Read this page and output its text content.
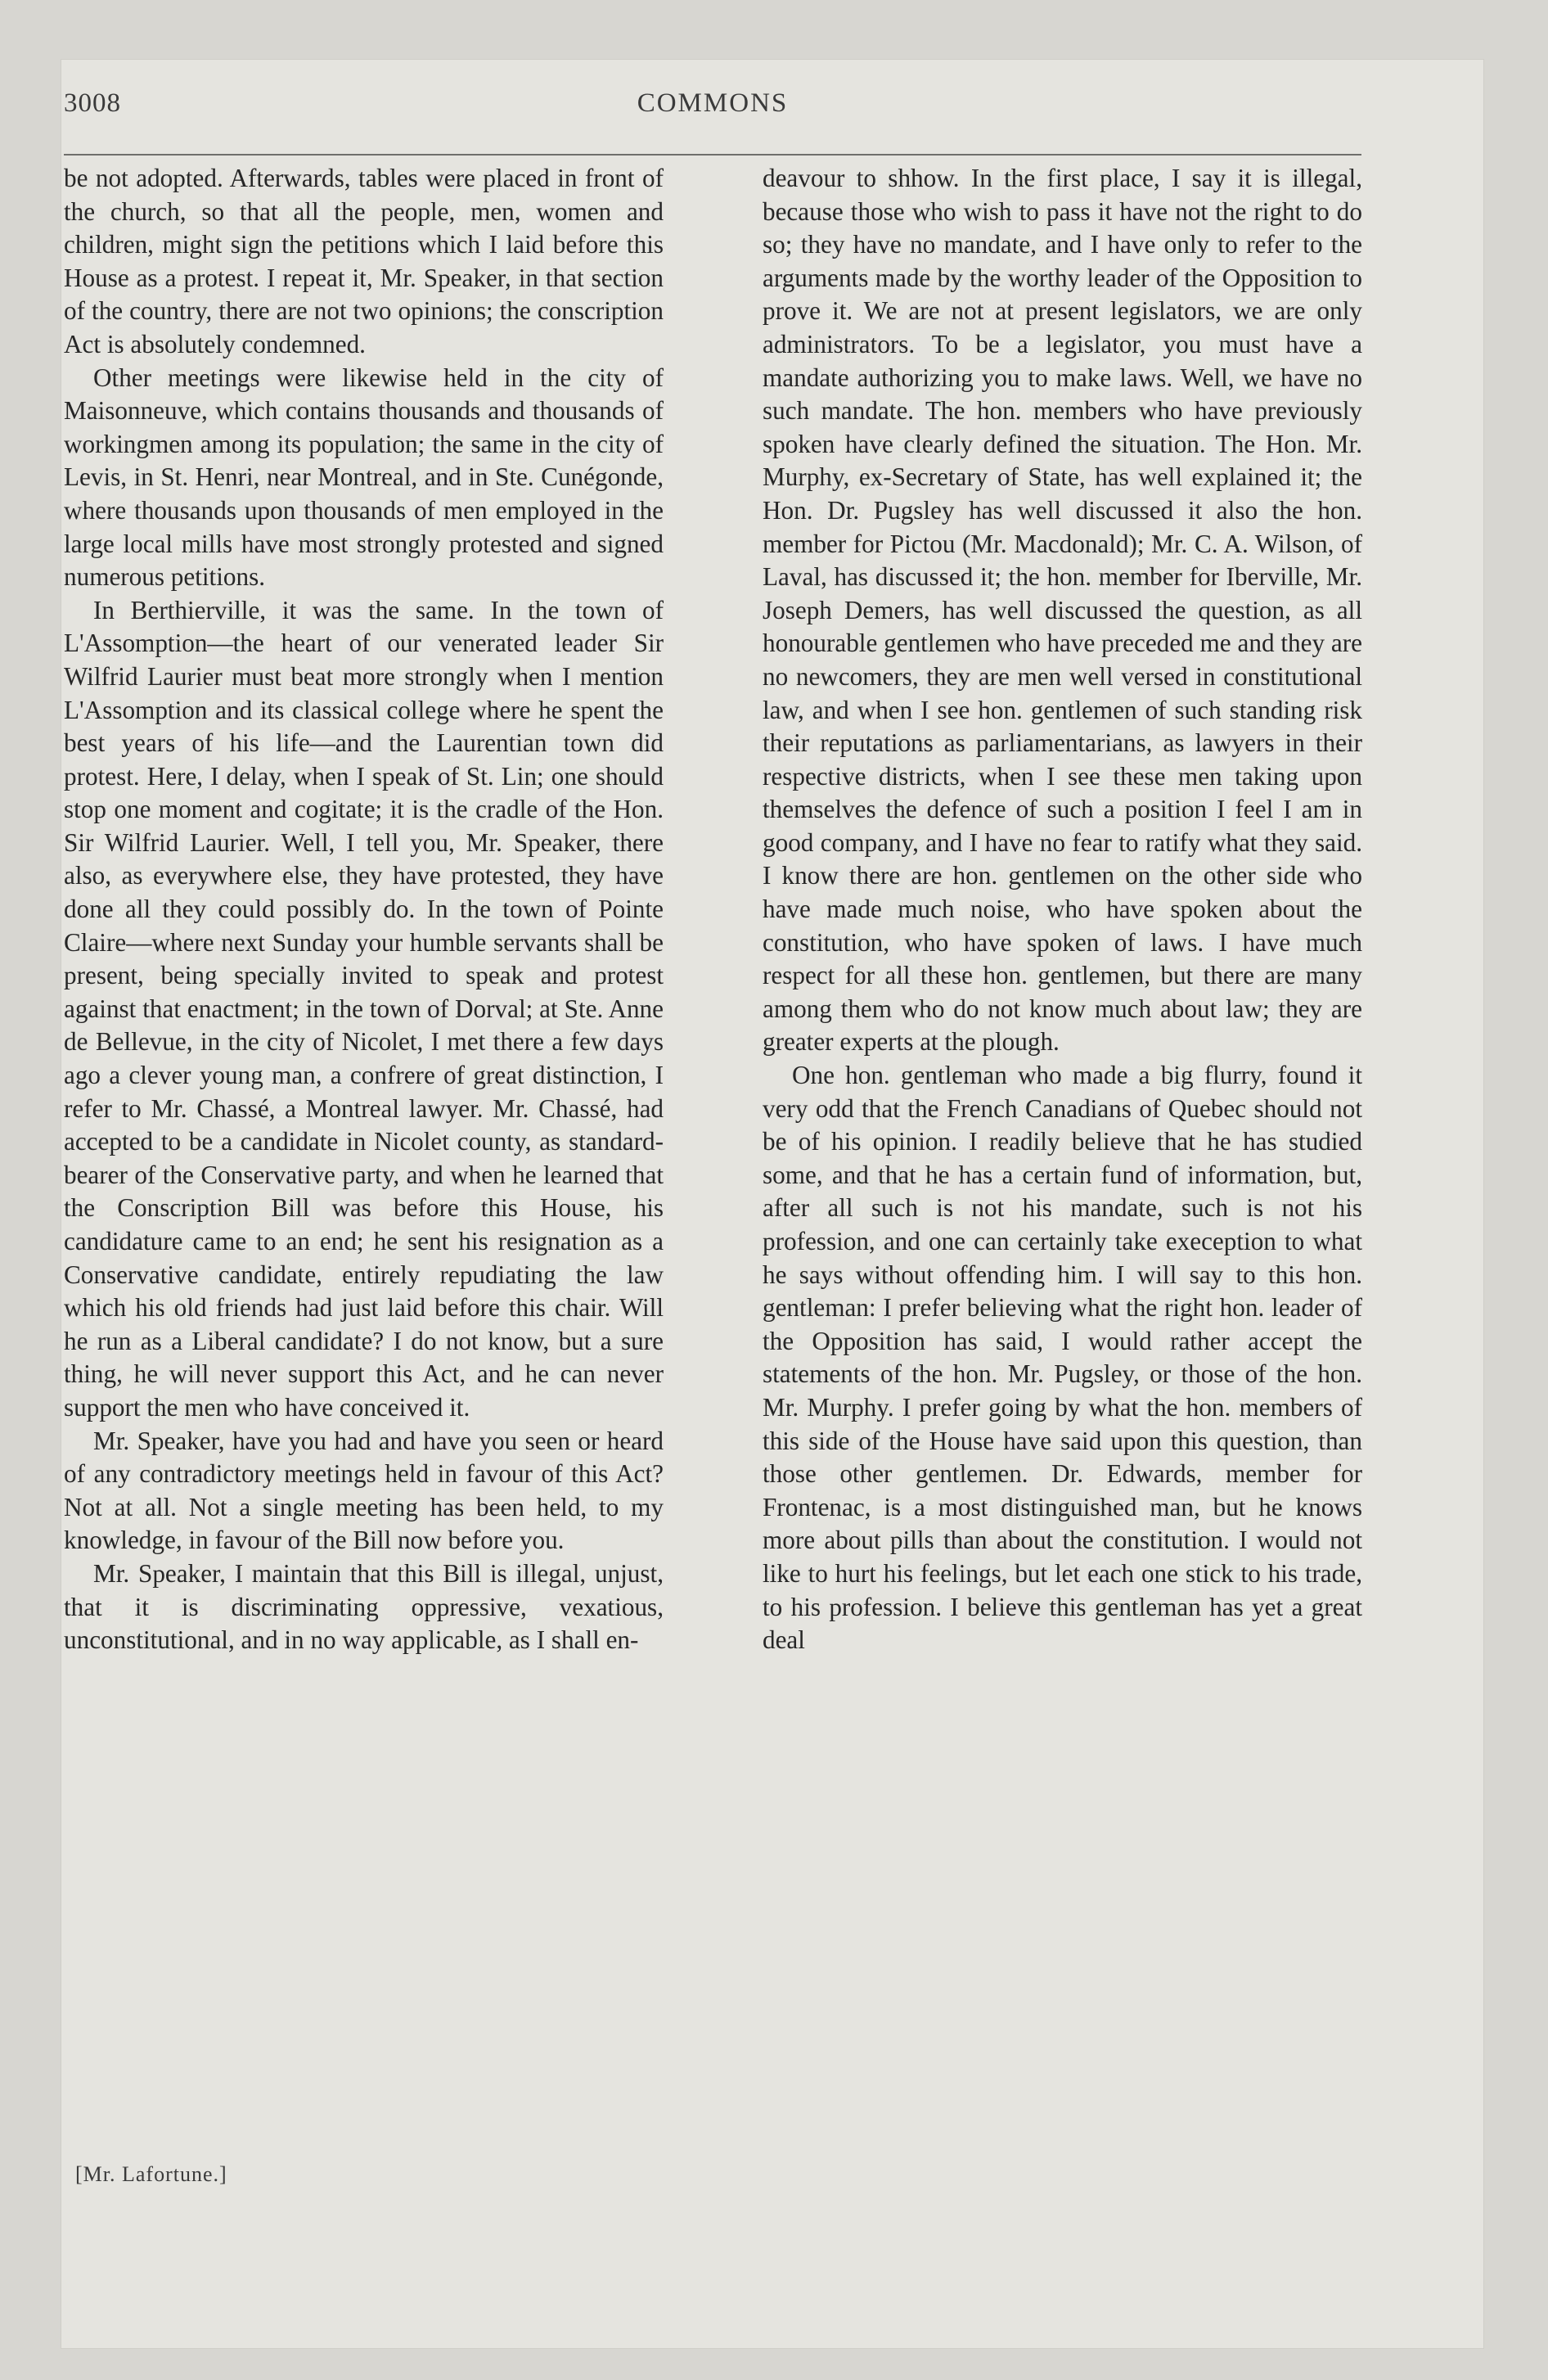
3008	COMMONS

be not adopted. Afterwards, tables were placed in front of the church, so that all the people, men, women and children, might sign the petitions which I laid before this House as a protest. I repeat it, Mr. Speaker, in that section of the country, there are not two opinions; the conscription Act is absolutely condemned.

Other meetings were likewise held in the city of Maisonneuve, which contains thousands and thousands of workingmen among its population; the same in the city of Levis, in St. Henri, near Montreal, and in Ste. Cunégonde, where thousands upon thousands of men employed in the large local mills have most strongly protested and signed numerous petitions.

In Berthierville, it was the same. In the town of L'Assomption—the heart of our venerated leader Sir Wilfrid Laurier must beat more strongly when I mention L'Assomption and its classical college where he spent the best years of his life—and the Laurentian town did protest. Here, I delay, when I speak of St. Lin; one should stop one moment and cogitate; it is the cradle of the Hon. Sir Wilfrid Laurier. Well, I tell you, Mr. Speaker, there also, as everywhere else, they have protested, they have done all they could possibly do. In the town of Pointe Claire—where next Sunday your humble servants shall be present, being specially invited to speak and protest against that enactment; in the town of Dorval; at Ste. Anne de Bellevue, in the city of Nicolet, I met there a few days ago a clever young man, a confrere of great distinction, I refer to Mr. Chassé, a Montreal lawyer. Mr. Chassé, had accepted to be a candidate in Nicolet county, as standard-bearer of the Conservative party, and when he learned that the Conscription Bill was before this House, his candidature came to an end; he sent his resignation as a Conservative candidate, entirely repudiating the law which his old friends had just laid before this chair. Will he run as a Liberal candidate? I do not know, but a sure thing, he will never support this Act, and he can never support the men who have conceived it.

Mr. Speaker, have you had and have you seen or heard of any contradictory meetings held in favour of this Act? Not at all. Not a single meeting has been held, to my knowledge, in favour of the Bill now before you.

Mr. Speaker, I maintain that this Bill is illegal, unjust, that it is discriminating oppressive, vexatious, unconstitutional, and in no way applicable, as I shall en-

deavour to shhow. In the first place, I say it is illegal, because those who wish to pass it have not the right to do so; they have no mandate, and I have only to refer to the arguments made by the worthy leader of the Opposition to prove it. We are not at present legislators, we are only administrators. To be a legislator, you must have a mandate authorizing you to make laws. Well, we have no such mandate. The hon. members who have previously spoken have clearly defined the situation. The Hon. Mr. Murphy, ex-Secretary of State, has well explained it; the Hon. Dr. Pugsley has well discussed it also the hon. member for Pictou (Mr. Macdonald); Mr. C. A. Wilson, of Laval, has discussed it; the hon. member for Iberville, Mr. Joseph Demers, has well discussed the question, as all honourable gentlemen who have preceded me and they are no newcomers, they are men well versed in constitutional law, and when I see hon. gentlemen of such standing risk their reputations as parliamentarians, as lawyers in their respective districts, when I see these men taking upon themselves the defence of such a position I feel I am in good company, and I have no fear to ratify what they said. I know there are hon. gentlemen on the other side who have made much noise, who have spoken about the constitution, who have spoken of laws. I have much respect for all these hon. gentlemen, but there are many among them who do not know much about law; they are greater experts at the plough.

One hon. gentleman who made a big flurry, found it very odd that the French Canadians of Quebec should not be of his opinion. I readily believe that he has studied some, and that he has a certain fund of information, but, after all such is not his mandate, such is not his profession, and one can certainly take exeception to what he says without offending him. I will say to this hon. gentleman: I prefer believing what the right hon. leader of the Opposition has said, I would rather accept the statements of the hon. Mr. Pugsley, or those of the hon. Mr. Murphy. I prefer going by what the hon. members of this side of the House have said upon this question, than those other gentlemen. Dr. Edwards, member for Frontenac, is a most distinguished man, but he knows more about pills than about the constitution. I would not like to hurt his feelings, but let each one stick to his trade, to his profession. I believe this gentleman has yet a great deal

[Mr. Lafortune.]
